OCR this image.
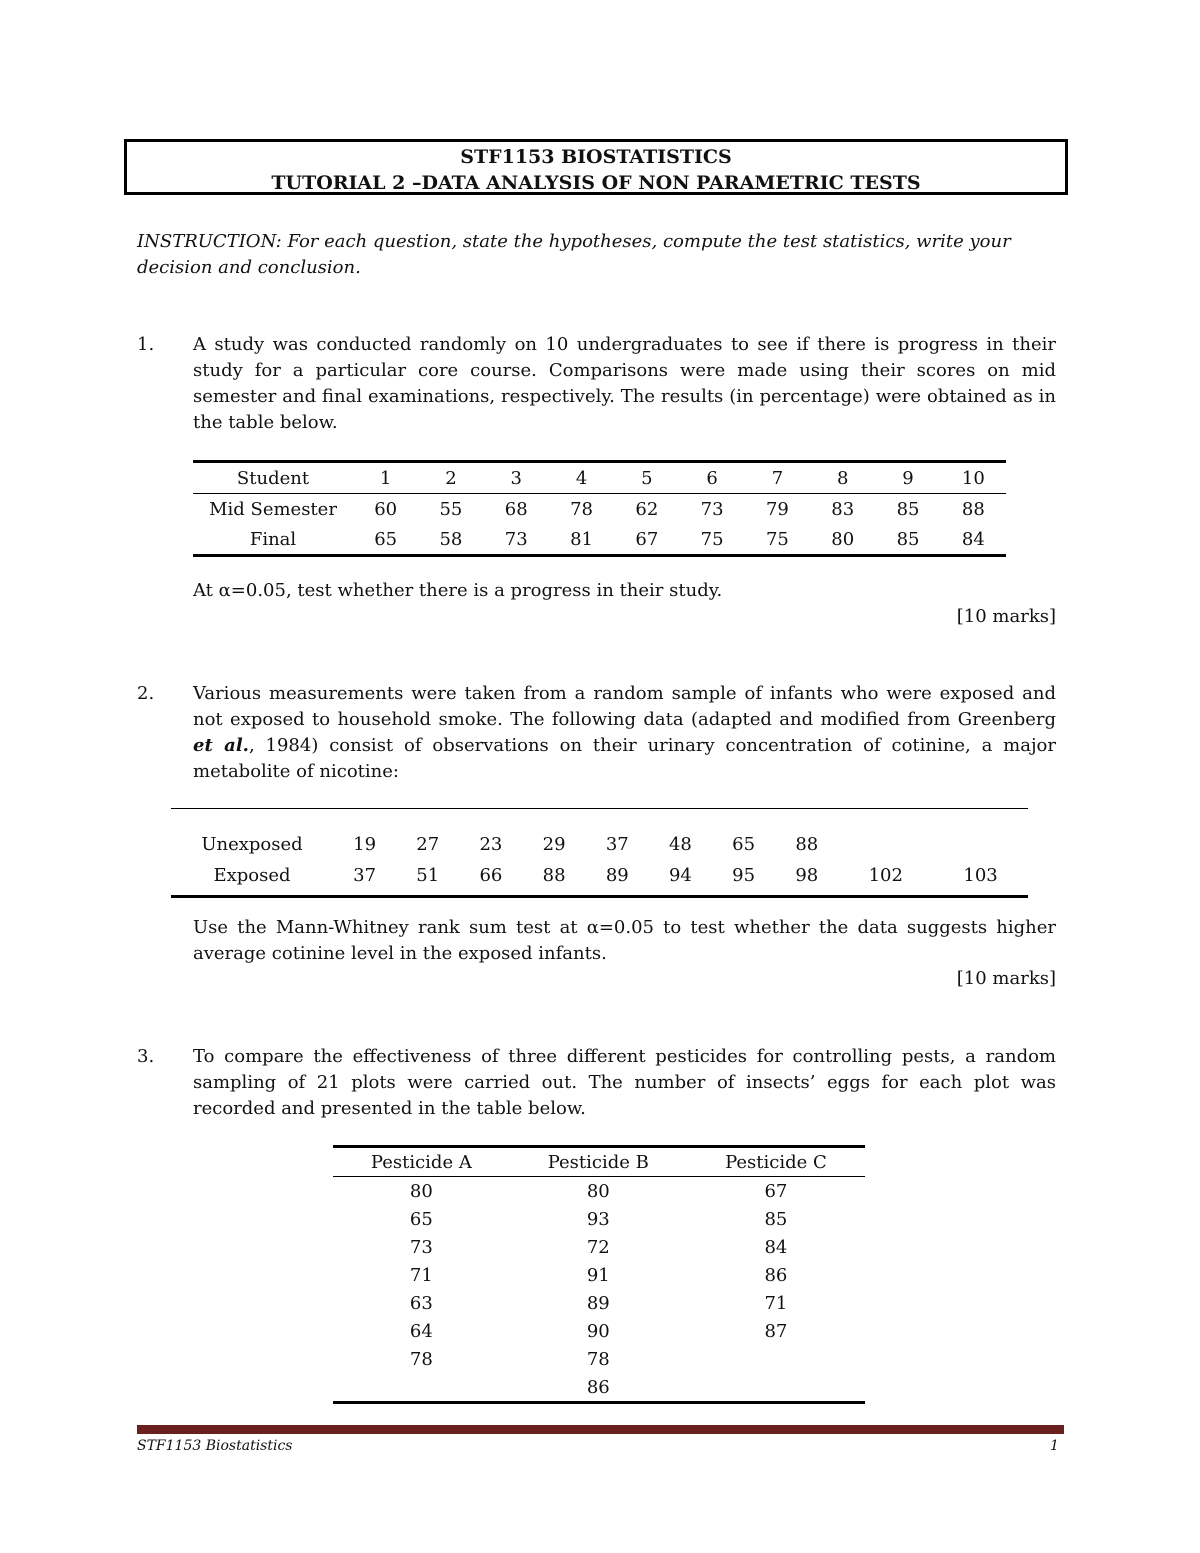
STF1153 BIOSTATISTICS
TUTORIAL 2 –DATA ANALYSIS OF NON PARAMETRIC TESTS
INSTRUCTION: For each question, state the hypotheses, compute the test statistics, write your decision and conclusion.
1. A study was conducted randomly on 10 undergraduates to see if there is progress in their study for a particular core course. Comparisons were made using their scores on mid semester and final examinations, respectively. The results (in percentage) were obtained as in the table below.
Student	1	2	3	4	5	6	7	8	9	10
Mid Semester	60	55	68	78	62	73	79	83	85	88
Final	65	58	73	81	67	75	75	80	85	84
At α=0.05, test whether there is a progress in their study.
[10 marks]
2. Various measurements were taken from a random sample of infants who were exposed and not exposed to household smoke. The following data (adapted and modified from Greenberg et al., 1984) consist of observations on their urinary concentration of cotinine, a major metabolite of nicotine:
Unexposed	19	27	23	29	37	48	65	88		
Exposed	37	51	66	88	89	94	95	98	102	103
Use the Mann-Whitney rank sum test at α=0.05 to test whether the data suggests higher average cotinine level in the exposed infants.
[10 marks]
3. To compare the effectiveness of three different pesticides for controlling pests, a random sampling of 21 plots were carried out. The number of insects’ eggs for each plot was recorded and presented in the table below.
Pesticide A	Pesticide B	Pesticide C
80	80	67
65	93	85
73	72	84
71	91	86
63	89	71
64	90	87
78	78	
	86	
STF1153 Biostatistics	1
